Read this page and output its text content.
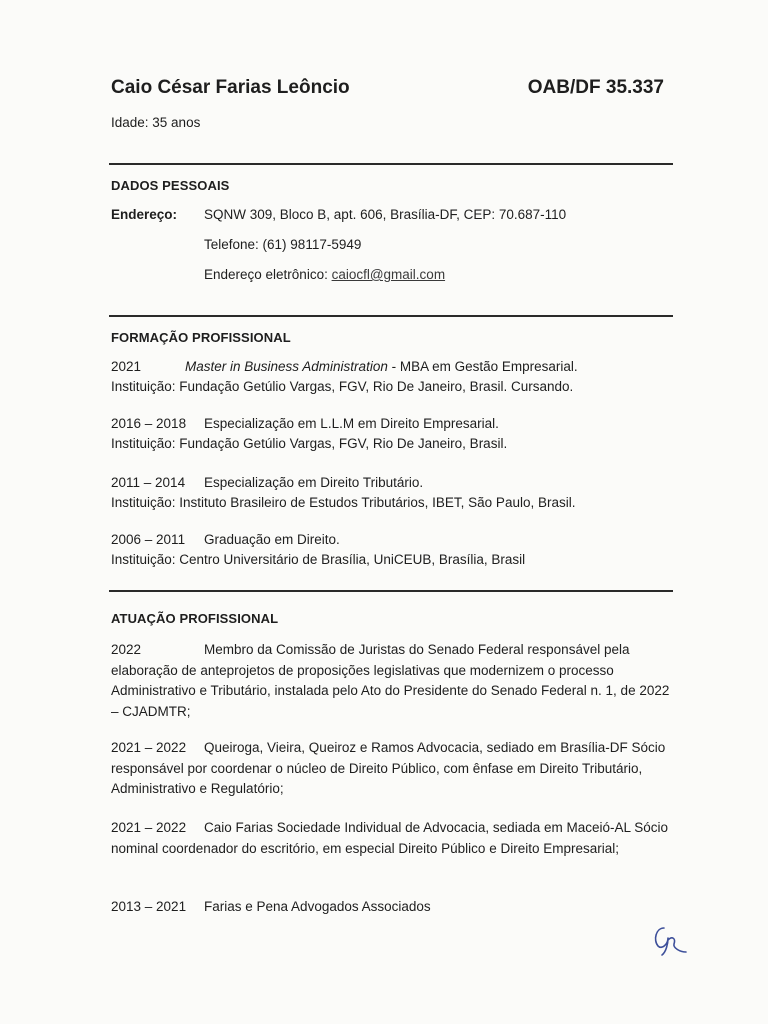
Caio César Farias Leôncio	OAB/DF 35.337
Idade: 35 anos
DADOS PESSOAIS
Endereço: SQNW 309, Bloco B, apt. 606, Brasília-DF, CEP: 70.687-110
Telefone: (61) 98117-5949
Endereço eletrônico: caiocfl@gmail.com
FORMAÇÃO PROFISSIONAL
2021	Master in Business Administration - MBA em Gestão Empresarial.
Instituição: Fundação Getúlio Vargas, FGV, Rio De Janeiro, Brasil. Cursando.
2016 – 2018 Especialização em L.L.M em Direito Empresarial.
Instituição: Fundação Getúlio Vargas, FGV, Rio De Janeiro, Brasil.
2011 – 2014 Especialização em Direito Tributário.
Instituição: Instituto Brasileiro de Estudos Tributários, IBET, São Paulo, Brasil.
2006 – 2011 Graduação em Direito.
Instituição: Centro Universitário de Brasília, UniCEUB, Brasília, Brasil
ATUAÇÃO PROFISSIONAL
2022	Membro da Comissão de Juristas do Senado Federal responsável pela elaboração de anteprojetos de proposições legislativas que modernizem o processo Administrativo e Tributário, instalada pelo Ato do Presidente do Senado Federal n. 1, de 2022 – CJADMTR;
2021 – 2022 Queiroga, Vieira, Queiroz e Ramos Advocacia, sediado em Brasília-DF Sócio responsável por coordenar o núcleo de Direito Público, com ênfase em Direito Tributário, Administrativo e Regulatório;
2021 – 2022 Caio Farias Sociedade Individual de Advocacia, sediada em Maceió-AL Sócio nominal coordenador do escritório, em especial Direito Público e Direito Empresarial;
2013 – 2021 Farias e Pena Advogados Associados
